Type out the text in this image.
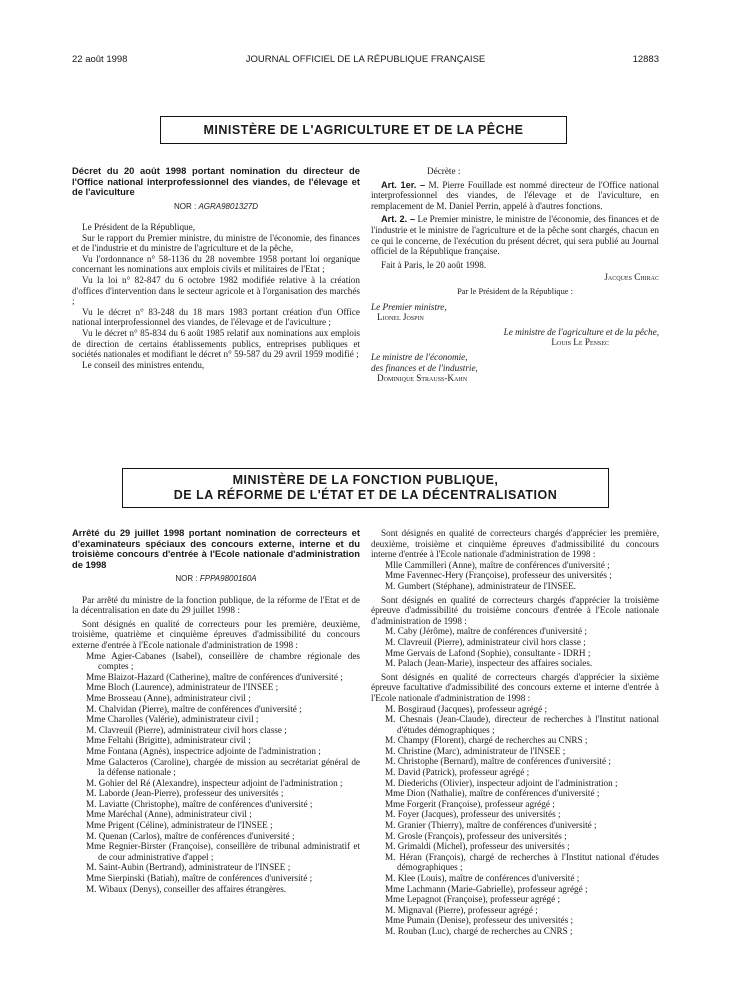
22 août 1998	JOURNAL OFFICIEL DE LA RÉPUBLIQUE FRANÇAISE	12883
MINISTÈRE DE L'AGRICULTURE ET DE LA PÊCHE
Décret du 20 août 1998 portant nomination du directeur de l'Office national interprofessionnel des viandes, de l'élevage et de l'aviculture
NOR : AGRA9801327D

Le Président de la République,

Sur le rapport du Premier ministre, du ministre de l'économie, des finances et de l'industrie et du ministre de l'agriculture et de la pêche,

Vu l'ordonnance n° 58-1136 du 28 novembre 1958 portant loi organique concernant les nominations aux emplois civils et militaires de l'Etat ;

Vu la loi n° 82-847 du 6 octobre 1982 modifiée relative à la création d'offices d'intervention dans le secteur agricole et à l'organisation des marchés ;

Vu le décret n° 83-248 du 18 mars 1983 portant création d'un Office national interprofessionnel des viandes, de l'élevage et de l'aviculture ;

Vu le décret n° 85-834 du 6 août 1985 relatif aux nominations aux emplois de direction de certains établissements publics, entreprises publiques et sociétés nationales et modifiant le décret n° 59-587 du 29 avril 1959 modifié ;

Le conseil des ministres entendu,

Décrète :

Art. 1er. – M. Pierre Fouillade est nommé directeur de l'Office national interprofessionnel des viandes, de l'élevage et de l'aviculture, en remplacement de M. Daniel Perrin, appelé à d'autres fonctions.

Art. 2. – Le Premier ministre, le ministre de l'économie, des finances et de l'industrie et le ministre de l'agriculture et de la pêche sont chargés, chacun en ce qui le concerne, de l'exécution du présent décret, qui sera publié au Journal officiel de la République française.

Fait à Paris, le 20 août 1998.

Jacques Chirac

Par le Président de la République :

Le Premier ministre,

Lionel Jospin

Le ministre de l'agriculture et de la pêche,

Louis Le Pensec

Le ministre de l'économie,

des finances et de l'industrie,

Dominique Strauss-Kahn

MINISTÈRE DE LA FONCTION PUBLIQUE,
DE LA RÉFORME DE L'ÉTAT ET DE LA DÉCENTRALISATION
Arrêté du 29 juillet 1998 portant nomination de correcteurs et d'examinateurs spéciaux des concours externe, interne et du troisième concours d'entrée à l'Ecole nationale d'administration de 1998
NOR : FPPA9800160A

Par arrêté du ministre de la fonction publique, de la réforme de l'Etat et de la décentralisation en date du 29 juillet 1998 :

Sont désignés en qualité de correcteurs pour les première, deuxième, troisième, quatrième et cinquième épreuves d'admissibilité du concours externe d'entrée à l'Ecole nationale d'administration de 1998 :

Mme Agier-Cabanes (Isabel), conseillère de chambre régionale des comptes ;

Mme Blaizot-Hazard (Catherine), maître de conférences d'université ;

Mme Bloch (Laurence), administrateur de l'INSEE ;

Mme Brosseau (Anne), administrateur civil ;

M. Chalvidan (Pierre), maître de conférences d'université ;

Mme Charolles (Valérie), administrateur civil ;

M. Clavreuil (Pierre), administrateur civil hors classe ;

Mme Feltahi (Brigitte), administrateur civil ;

Mme Fontana (Agnès), inspectrice adjointe de l'administration ;

Mme Galacteros (Caroline), chargée de mission au secrétariat général de la défense nationale ;

M. Gohier del Ré (Alexandre), inspecteur adjoint de l'administration ;

M. Laborde (Jean-Pierre), professeur des universités ;

M. Laviatte (Christophe), maître de conférences d'université ;

Mme Maréchal (Anne), administrateur civil ;

Mme Prigent (Céline), administrateur de l'INSEE ;

M. Quenan (Carlos), maître de conférences d'université ;

Mme Regnier-Birster (Françoise), conseillère de tribunal administratif et de cour administrative d'appel ;

M. Saint-Aubin (Bertrand), administrateur de l'INSEE ;

Mme Sierpinski (Batiah), maître de conférences d'université ;

M. Wibaux (Denys), conseiller des affaires étrangères.

Sont désignés en qualité de correcteurs chargés d'apprécier les première, deuxième, troisième et cinquième épreuves d'admissibilité du concours interne d'entrée à l'Ecole nationale d'administration de 1998 :

Mlle Cammilleri (Anne), maître de conférences d'université ;

Mme Favennec-Hery (Françoise), professeur des universités ;

M. Gumbert (Stéphane), administrateur de l'INSEE.

Sont désignés en qualité de correcteurs chargés d'apprécier la troisième épreuve d'admissibilité du troisième concours d'entrée à l'Ecole nationale d'administration de 1998 :

M. Caby (Jérôme), maître de conférences d'université ;

M. Clavreuil (Pierre), administrateur civil hors classe ;

Mme Gervais de Lafond (Sophie), consultante - IDRH ;

M. Palach (Jean-Marie), inspecteur des affaires sociales.

Sont désignés en qualité de correcteurs chargés d'apprécier la sixième épreuve facultative d'admissibilité des concours externe et interne d'entrée à l'Ecole nationale d'administration de 1998 :

M. Bosgiraud (Jacques), professeur agrégé ;

M. Chesnais (Jean-Claude), directeur de recherches à l'Institut national d'études démographiques ;

M. Champy (Florent), chargé de recherches au CNRS ;

M. Christine (Marc), administrateur de l'INSEE ;

M. Christophe (Bernard), maître de conférences d'université ;

M. David (Patrick), professeur agrégé ;

M. Diederichs (Olivier), inspecteur adjoint de l'administration ;

Mme Dion (Nathalie), maître de conférences d'université ;

Mme Forgerit (Françoise), professeur agrégé ;

M. Foyer (Jacques), professeur des universités ;

M. Granier (Thierry), maître de conférences d'université ;

M. Grosle (François), professeur des universités ;

M. Grimaldi (Michel), professeur des universités ;

M. Héran (François), chargé de recherches à l'Institut national d'études démographiques ;

M. Klee (Louis), maître de conférences d'université ;

Mme Lachmann (Marie-Gabrielle), professeur agrégé ;

Mme Lepagnot (Françoise), professeur agrégé ;

M. Mignaval (Pierre), professeur agrégé ;

Mme Pumain (Denise), professeur des universités ;

M. Rouban (Luc), chargé de recherches au CNRS ;
